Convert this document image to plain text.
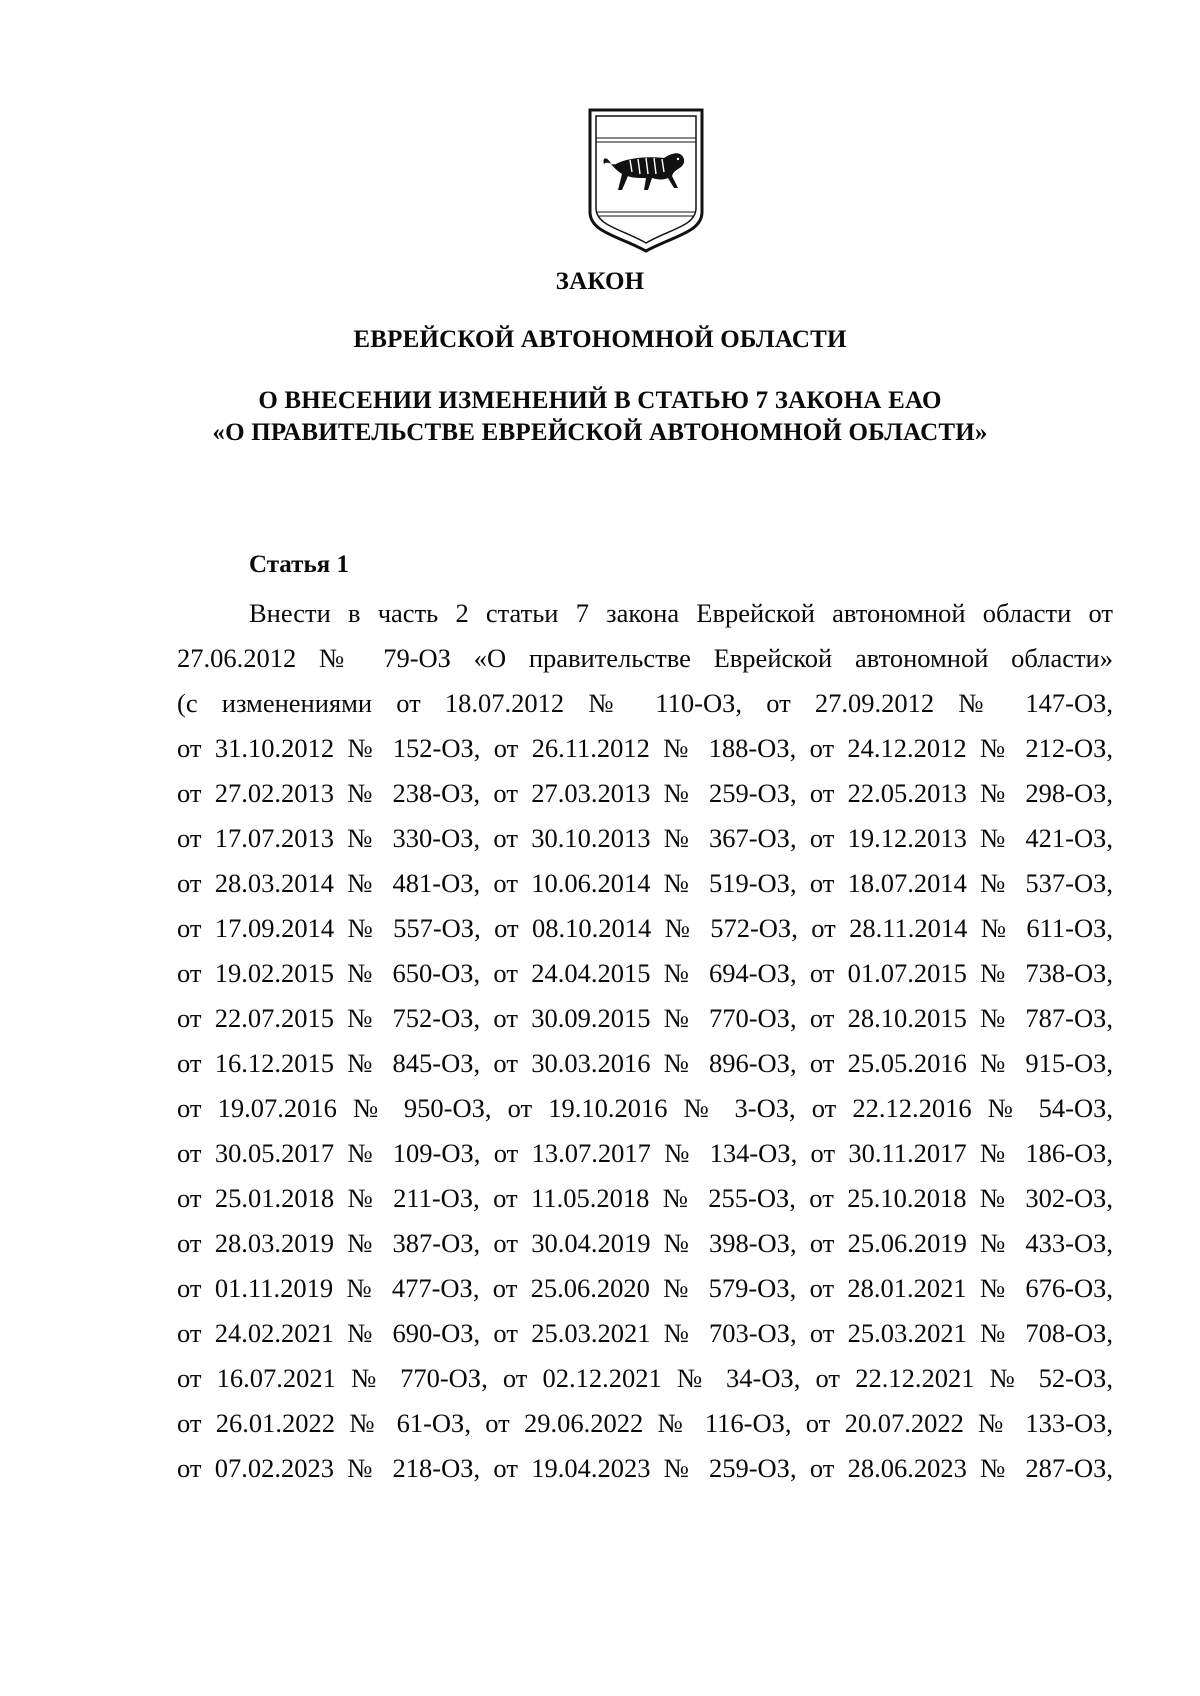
ЗАКОН
ЕВРЕЙСКОЙ АВТОНОМНОЙ ОБЛАСТИ
О ВНЕСЕНИИ ИЗМЕНЕНИЙ В СТАТЬЮ 7 ЗАКОНА ЕАО
«О ПРАВИТЕЛЬСТВЕ ЕВРЕЙСКОЙ АВТОНОМНОЙ ОБЛАСТИ»
Статья 1
Внести в часть 2 статьи 7 закона Еврейской автономной области от
27.06.2012 № 79-ОЗ «О правительстве Еврейской автономной области»
(с изменениями от 18.07.2012 № 110-ОЗ, от 27.09.2012 № 147-ОЗ,
от 31.10.2012 № 152-ОЗ, от 26.11.2012 № 188-ОЗ, от 24.12.2012 № 212-ОЗ,
от 27.02.2013 № 238-ОЗ, от 27.03.2013 № 259-ОЗ, от 22.05.2013 № 298-ОЗ,
от 17.07.2013 № 330-ОЗ, от 30.10.2013 № 367-ОЗ, от 19.12.2013 № 421-ОЗ,
от 28.03.2014 № 481-ОЗ, от 10.06.2014 № 519-ОЗ, от 18.07.2014 № 537-ОЗ,
от 17.09.2014 № 557-ОЗ, от 08.10.2014 № 572-ОЗ, от 28.11.2014 № 611-ОЗ,
от 19.02.2015 № 650-ОЗ, от 24.04.2015 № 694-ОЗ, от 01.07.2015 № 738-ОЗ,
от 22.07.2015 № 752-ОЗ, от 30.09.2015 № 770-ОЗ, от 28.10.2015 № 787-ОЗ,
от 16.12.2015 № 845-ОЗ, от 30.03.2016 № 896-ОЗ, от 25.05.2016 № 915-ОЗ,
от 19.07.2016 № 950-ОЗ, от 19.10.2016 № 3-ОЗ, от 22.12.2016 № 54-ОЗ,
от 30.05.2017 № 109-ОЗ, от 13.07.2017 № 134-ОЗ, от 30.11.2017 № 186-ОЗ,
от 25.01.2018 № 211-ОЗ, от 11.05.2018 № 255-ОЗ, от 25.10.2018 № 302-ОЗ,
от 28.03.2019 № 387-ОЗ, от 30.04.2019 № 398-ОЗ, от 25.06.2019 № 433-ОЗ,
от 01.11.2019 № 477-ОЗ, от 25.06.2020 № 579-ОЗ, от 28.01.2021 № 676-ОЗ,
от 24.02.2021 № 690-ОЗ, от 25.03.2021 № 703-ОЗ, от 25.03.2021 № 708-ОЗ,
от 16.07.2021 № 770-ОЗ, от 02.12.2021 № 34-ОЗ, от 22.12.2021 № 52-ОЗ,
от 26.01.2022 № 61-ОЗ, от 29.06.2022 № 116-ОЗ, от 20.07.2022 № 133-ОЗ,
от 07.02.2023 № 218-ОЗ, от 19.04.2023 № 259-ОЗ, от 28.06.2023 № 287-ОЗ,
